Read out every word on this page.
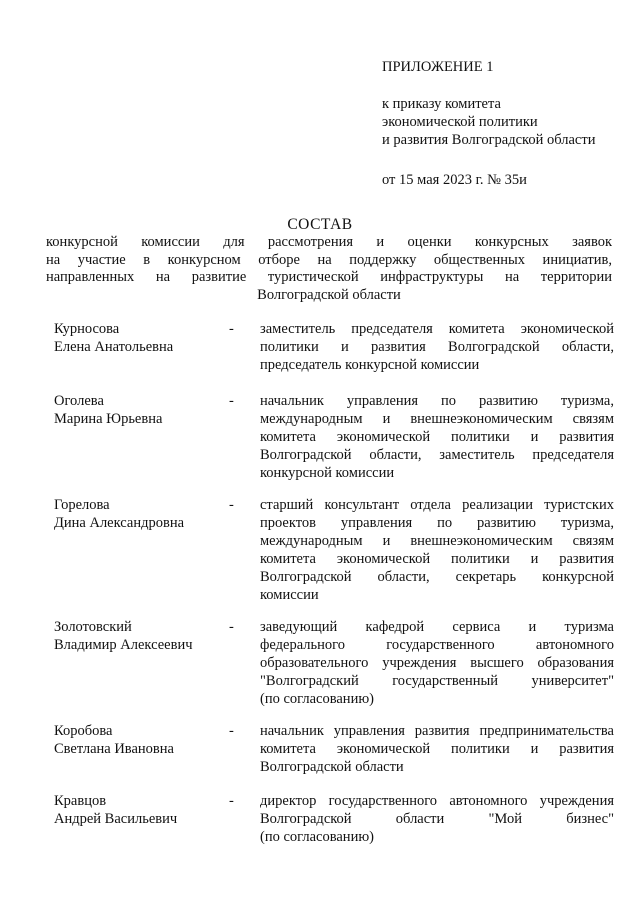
ПРИЛОЖЕНИЕ 1
к приказу комитета
экономической политики
и развития Волгоградской области
от 15 мая 2023 г. № 35и
СОСТАВ
конкурсной комиссии для рассмотрения и оценки конкурсных заявок
на участие в конкурсном отборе на поддержку общественных инициатив,
направленных на развитие туристической инфраструктуры на территории
Волгоградской области
Курносова
Елена Анатольевна
- заместитель председателя комитета экономической
политики и развития Волгоградской области,
председатель конкурсной комиссии
Оголева
Марина Юрьевна
- начальник управления по развитию туризма,
международным и внешнеэкономическим связям
комитета экономической политики и развития
Волгоградской области, заместитель председателя
конкурсной комиссии
Горелова
Дина Александровна
- старший консультант отдела реализации туристских
проектов управления по развитию туризма,
международным и внешнеэкономическим связям
комитета экономической политики и развития
Волгоградской области, секретарь конкурсной
комиссии
Золотовский
Владимир Алексеевич
- заведующий кафедрой сервиса и туризма
федерального государственного автономного
образовательного учреждения высшего образования
"Волгоградский государственный университет"
(по согласованию)
Коробова
Светлана Ивановна
- начальник управления развития предпринимательства
комитета экономической политики и развития
Волгоградской области
Кравцов
Андрей Васильевич
- директор государственного автономного учреждения
Волгоградской области "Мой бизнес"
(по согласованию)
